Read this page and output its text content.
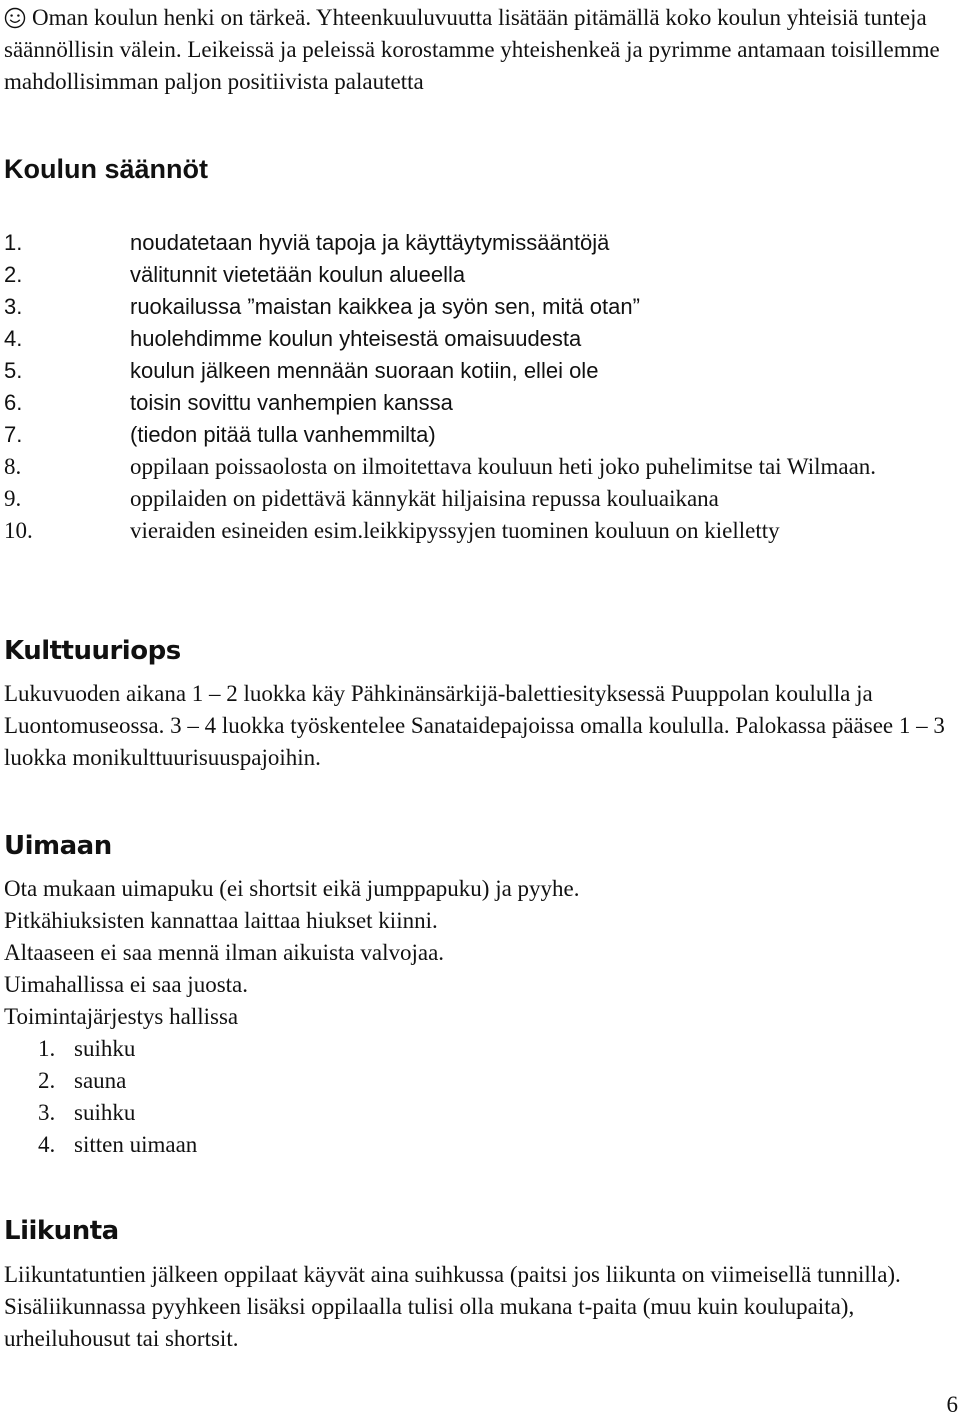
Oman koulun henki on tärkeä. Yhteenkuuluvuutta lisätään pitämällä koko koulun yhteisiä tunteja säännöllisin välein. Leikeissä ja peleissä korostamme yhteishenkeä ja pyrimme antamaan toisillemme mahdollisimman paljon positiivista palautetta
Koulun säännöt
1.	noudatetaan hyviä tapoja ja käyttäytymissääntöjä
2.	välitunnit vietetään koulun alueella
3.	ruokailussa ”maistan kaikkea ja syön sen, mitä otan”
4.	huolehdimme koulun yhteisestä omaisuudesta
5.	koulun jälkeen mennään suoraan kotiin, ellei ole
6.	toisin sovittu vanhempien kanssa
7.	(tiedon pitää tulla vanhemmilta)
8.	oppilaan poissaolosta on ilmoitettava kouluun heti joko puhelimitse tai Wilmaan.
9.	oppilaiden on pidettävä kännykät hiljaisina repussa kouluaikana
10.	vieraiden esineiden esim.leikkipyssyjen tuominen kouluun on kielletty
Kulttuuriops
Lukuvuoden aikana 1 – 2 luokka käy Pähkinänsärkijä-balettiesityksessä Puuppolan koululla ja Luontomuseossa. 3 – 4 luokka työskentelee Sanataidepajoissa omalla koululla. Palokassa pääsee 1 – 3 luokka monikulttuurisuuspajoihin.
Uimaan
Ota mukaan uimapuku (ei shortsit eikä jumppapuku) ja pyyhe.
Pitkähiuksisten kannattaa laittaa hiukset kiinni.
Altaaseen ei saa mennä ilman aikuista valvojaa.
Uimahallissa ei saa juosta.
Toimintajärjestys hallissa
1. suihku
2. sauna
3. suihku
4. sitten uimaan
Liikunta
Liikuntatuntien jälkeen oppilaat käyvät aina suihkussa (paitsi jos liikunta on viimeisellä tunnilla). Sisäliikunnassa pyyhkeen lisäksi oppilaalla tulisi olla mukana t-paita (muu kuin koulupaita), urheiluhousut tai shortsit.
6
